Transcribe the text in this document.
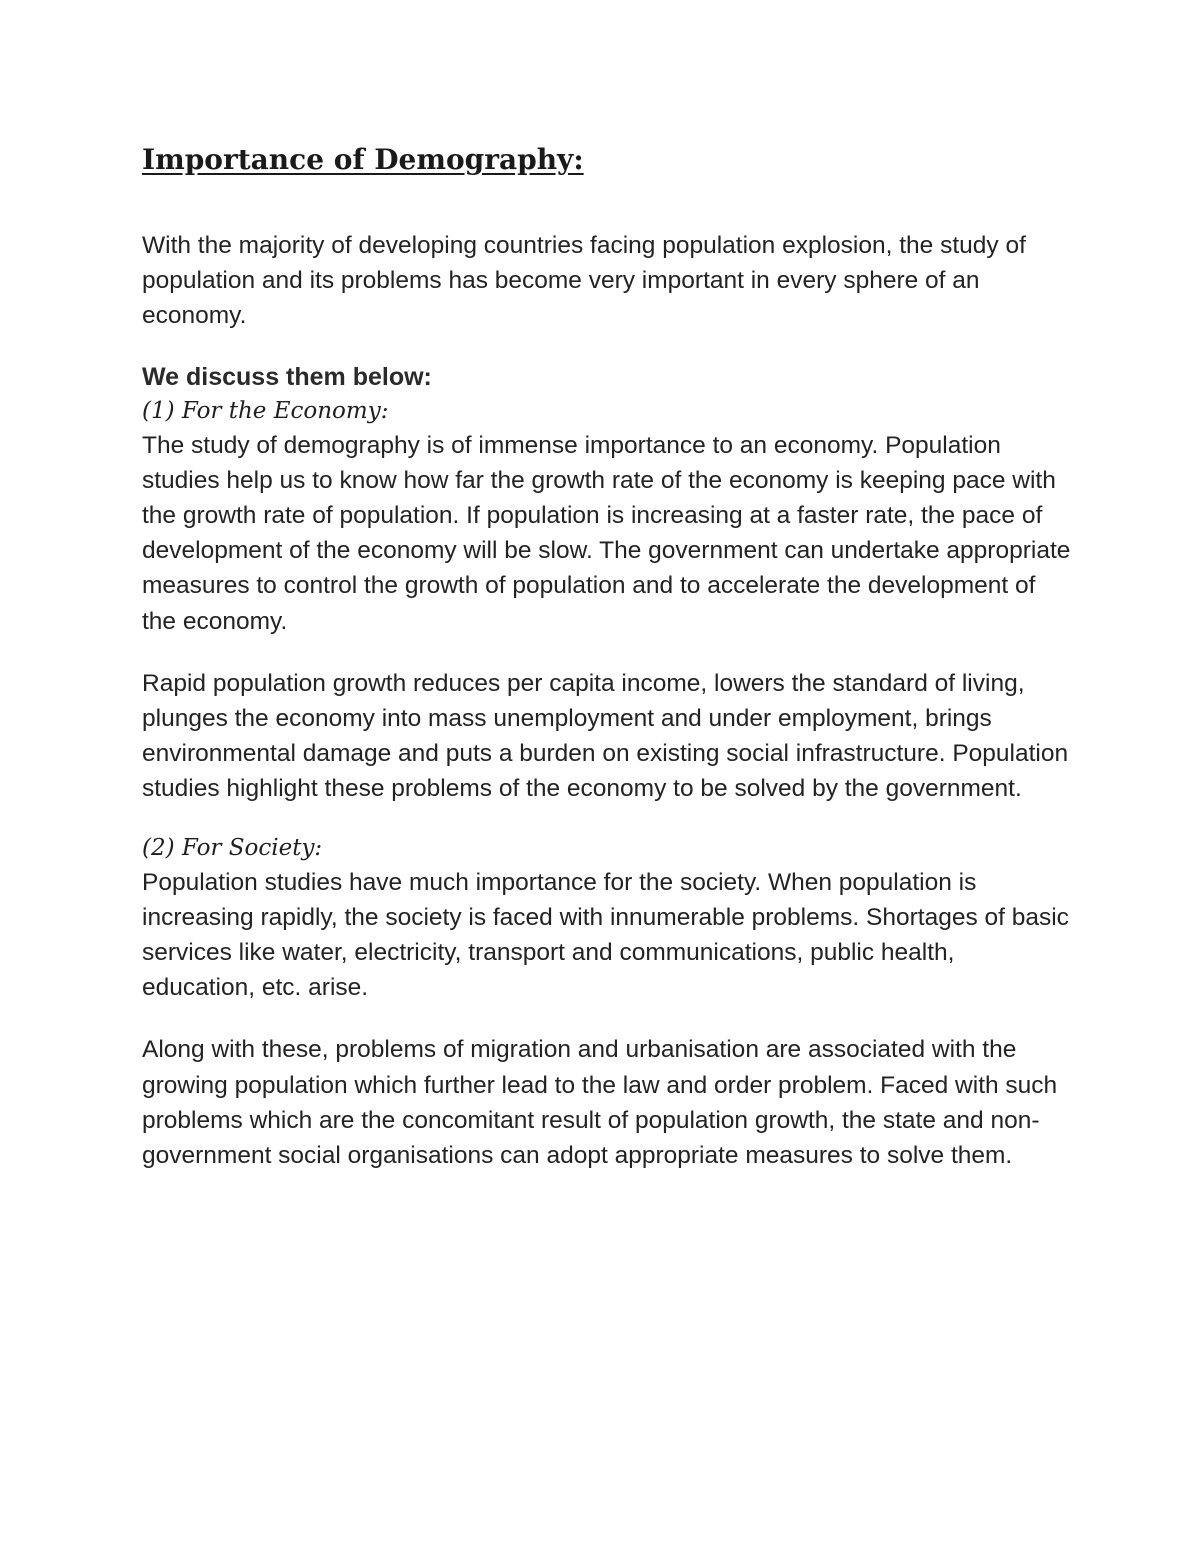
Importance of Demography:

With the majority of developing countries facing population explosion, the study of population and its problems has become very important in every sphere of an economy.

We discuss them below:

(1) For the Economy:

The study of demography is of immense importance to an economy. Population studies help us to know how far the growth rate of the economy is keeping pace with the growth rate of population. If population is increasing at a faster rate, the pace of development of the economy will be slow. The government can undertake appropriate measures to control the growth of population and to accelerate the development of the economy.

Rapid population growth reduces per capita income, lowers the standard of living, plunges the economy into mass unemployment and under employment, brings environmental damage and puts a burden on existing social infrastructure. Population studies highlight these problems of the economy to be solved by the government.

(2) For Society:

Population studies have much importance for the society. When population is increasing rapidly, the society is faced with innumerable problems. Shortages of basic services like water, electricity, transport and communications, public health, education, etc. arise.

Along with these, problems of migration and urbanisation are associated with the growing population which further lead to the law and order problem. Faced with such problems which are the concomitant result of population growth, the state and non-government social organisations can adopt appropriate measures to solve them.
